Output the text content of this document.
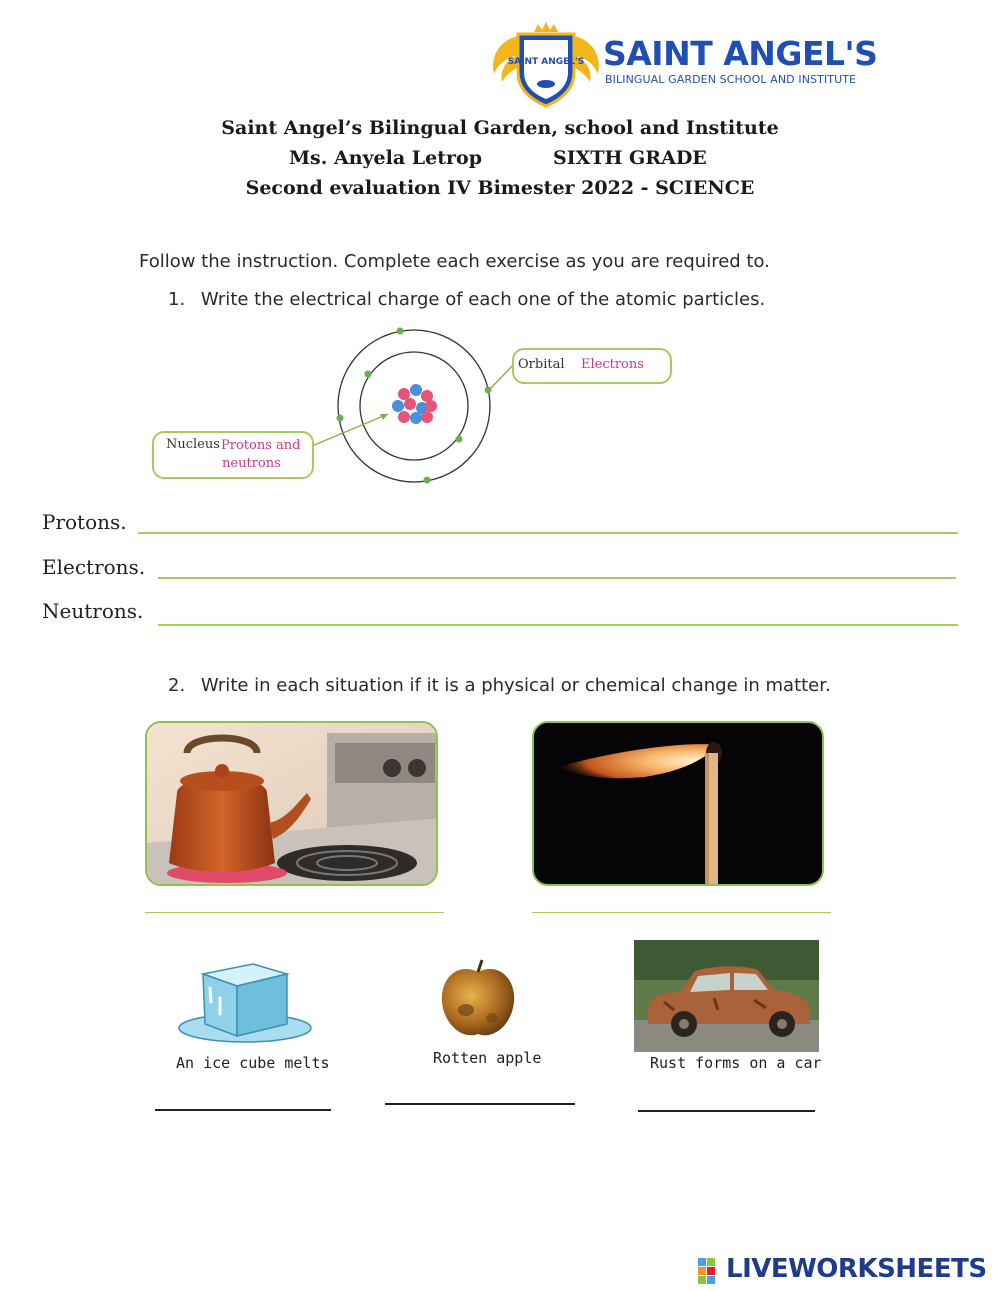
SAINT ANGEL'S SAINT ANGEL'S
BILINGUAL GARDEN SCHOOL AND INSTITUTE
Saint Angel’s Bilingual Garden, school and Institute
Ms. Anyela Letrop	SIXTH GRADE
Second evaluation IV Bimester 2022 - SCIENCE
Follow the instruction. Complete each exercise as you are required to.
1. Write the electrical charge of each one of the atomic particles.
Orbital Electrons
Nucleus Protons and
neutrons
Protons.
Electrons.
Neutrons.
2. Write in each situation if it is a physical or chemical change in matter.
An ice cube melts	Rotten apple	Rust forms on a car
LIVEWORKSHEETS
